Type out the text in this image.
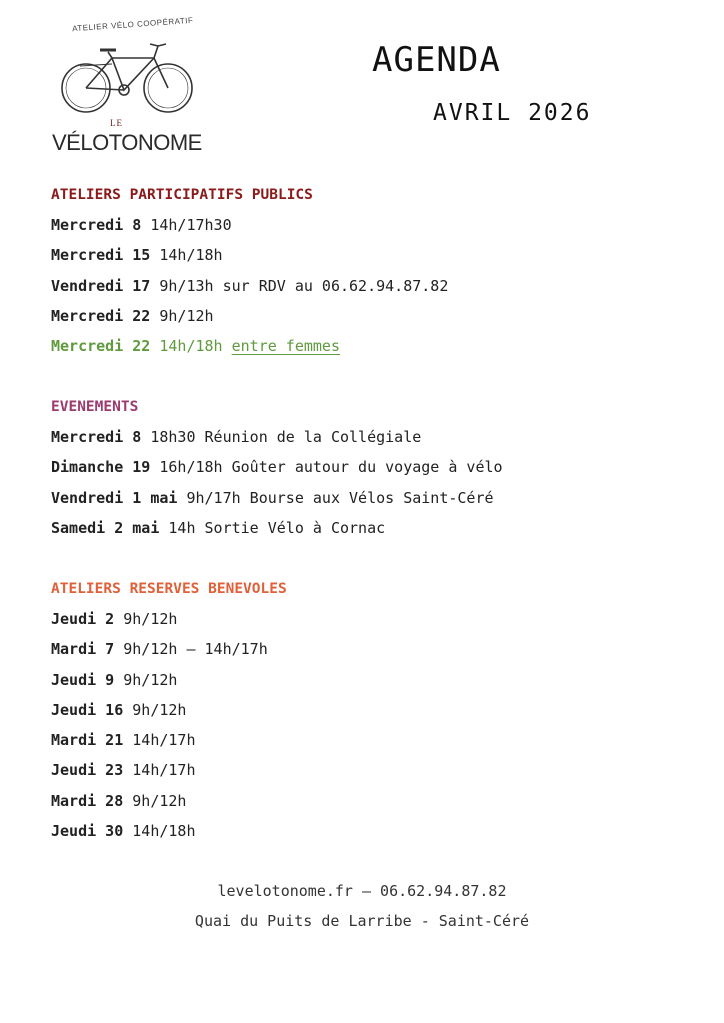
ATELIER VÉLO COOPÉRATIF
LE
VÉLOTONOME
AGENDA
AVRIL 2026
ATELIERS PARTICIPATIFS PUBLICS
Mercredi 8 14h/17h30
Mercredi 15 14h/18h
Vendredi 17 9h/13h sur RDV au 06.62.94.87.82
Mercredi 22 9h/12h
Mercredi 22 14h/18h entre femmes
EVENEMENTS
Mercredi 8 18h30 Réunion de la Collégiale
Dimanche 19 16h/18h Goûter autour du voyage à vélo
Vendredi 1 mai 9h/17h Bourse aux Vélos Saint-Céré
Samedi 2 mai 14h Sortie Vélo à Cornac
ATELIERS RESERVES BENEVOLES
Jeudi 2 9h/12h
Mardi 7 9h/12h – 14h/17h
Jeudi 9 9h/12h
Jeudi 16 9h/12h
Mardi 21 14h/17h
Jeudi 23 14h/17h
Mardi 28 9h/12h
Jeudi 30 14h/18h
levelotonome.fr – 06.62.94.87.82
Quai du Puits de Larribe - Saint-Céré
